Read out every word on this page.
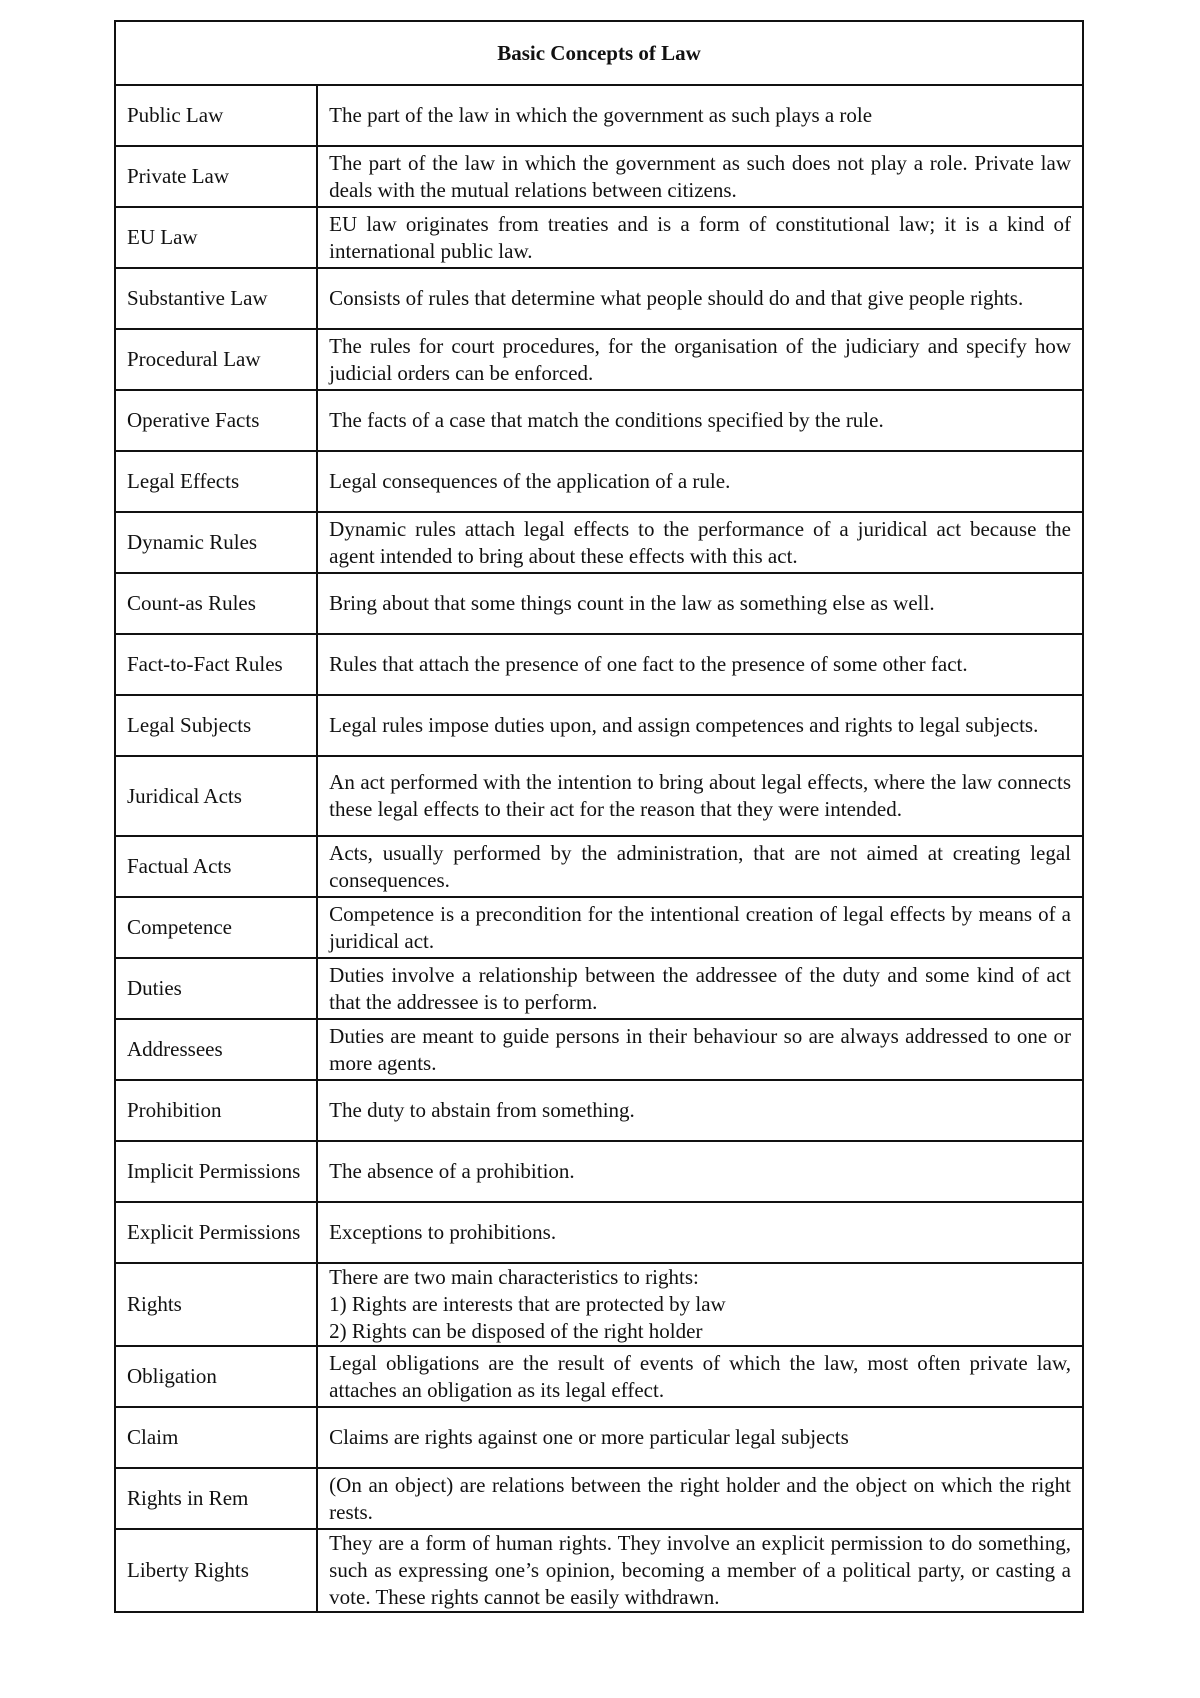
Basic Concepts of Law	
Public Law	The part of the law in which the government as such plays a role
Private Law	The part of the law in which the government as such does not play a role. Private law deals with the mutual relations between citizens.
EU Law	EU law originates from treaties and is a form of constitutional law; it is a kind of international public law.
Substantive Law	Consists of rules that determine what people should do and that give people rights.
Procedural Law	The rules for court procedures, for the organisation of the judiciary and specify how judicial orders can be enforced.
Operative Facts	The facts of a case that match the conditions specified by the rule.
Legal Effects	Legal consequences of the application of a rule.
Dynamic Rules	Dynamic rules attach legal effects to the performance of a juridical act because the agent intended to bring about these effects with this act.
Count-as Rules	Bring about that some things count in the law as something else as well.
Fact-to-Fact Rules	Rules that attach the presence of one fact to the presence of some other fact.
Legal Subjects	Legal rules impose duties upon, and assign competences and rights to legal subjects.
Juridical Acts	An act performed with the intention to bring about legal effects, where the law connects these legal effects to their act for the reason that they were intended.
Factual Acts	Acts, usually performed by the administration, that are not aimed at creating legal consequences.
Competence	Competence is a precondition for the intentional creation of legal effects by means of a juridical act.
Duties	Duties involve a relationship between the addressee of the duty and some kind of act that the addressee is to perform.
Addressees	Duties are meant to guide persons in their behaviour so are always addressed to one or more agents.
Prohibition	The duty to abstain from something.
Implicit Permissions	The absence of a prohibition.
Explicit Permissions	Exceptions to prohibitions.
Rights	There are two main characteristics to rights:
1) Rights are interests that are protected by law
2) Rights can be disposed of the right holder

Obligation	Legal obligations are the result of events of which the law, most often private law, attaches an obligation as its legal effect.
Claim	Claims are rights against one or more particular legal subjects
Rights in Rem	(On an object) are relations between the right holder and the object on which the right rests.
Liberty Rights	They are a form of human rights. They involve an explicit permission to do something, such as expressing one’s opinion, becoming a member of a political party, or casting a vote. These rights cannot be easily withdrawn.
